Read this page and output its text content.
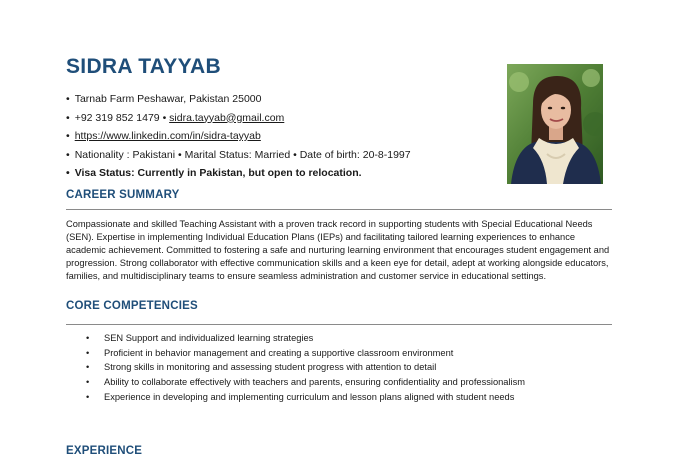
SIDRA TAYYAB
• Tarnab Farm Peshawar, Pakistan 25000
• +92 319 852 1479 • sidra.tayyab@gmail.com
• https://www.linkedin.com/in/sidra-tayyab
• Nationality : Pakistani • Marital Status: Married • Date of birth: 20-8-1997
• Visa Status: Currently in Pakistan, but open to relocation.
CAREER SUMMARY

Compassionate and skilled Teaching Assistant with a proven track record in supporting students with Special Educational Needs (SEN). Expertise in implementing Individual Education Plans (IEPs) and facilitating tailored learning experiences to enhance academic achievement. Committed to fostering a safe and nurturing learning environment that encourages student engagement and progression. Strong collaborator with effective communication skills and a keen eye for detail, adept at working alongside educators, families, and multidisciplinary teams to ensure seamless administration and customer service in educational settings.

CORE COMPETENCIES
• SEN Support and individualized learning strategies
• Proficient in behavior management and creating a supportive classroom environment
• Strong skills in monitoring and assessing student progress with attention to detail
• Ability to collaborate effectively with teachers and parents, ensuring confidentiality and professionalism
• Experience in developing and implementing curriculum and lesson plans aligned with student needs
EXPERIENCE
